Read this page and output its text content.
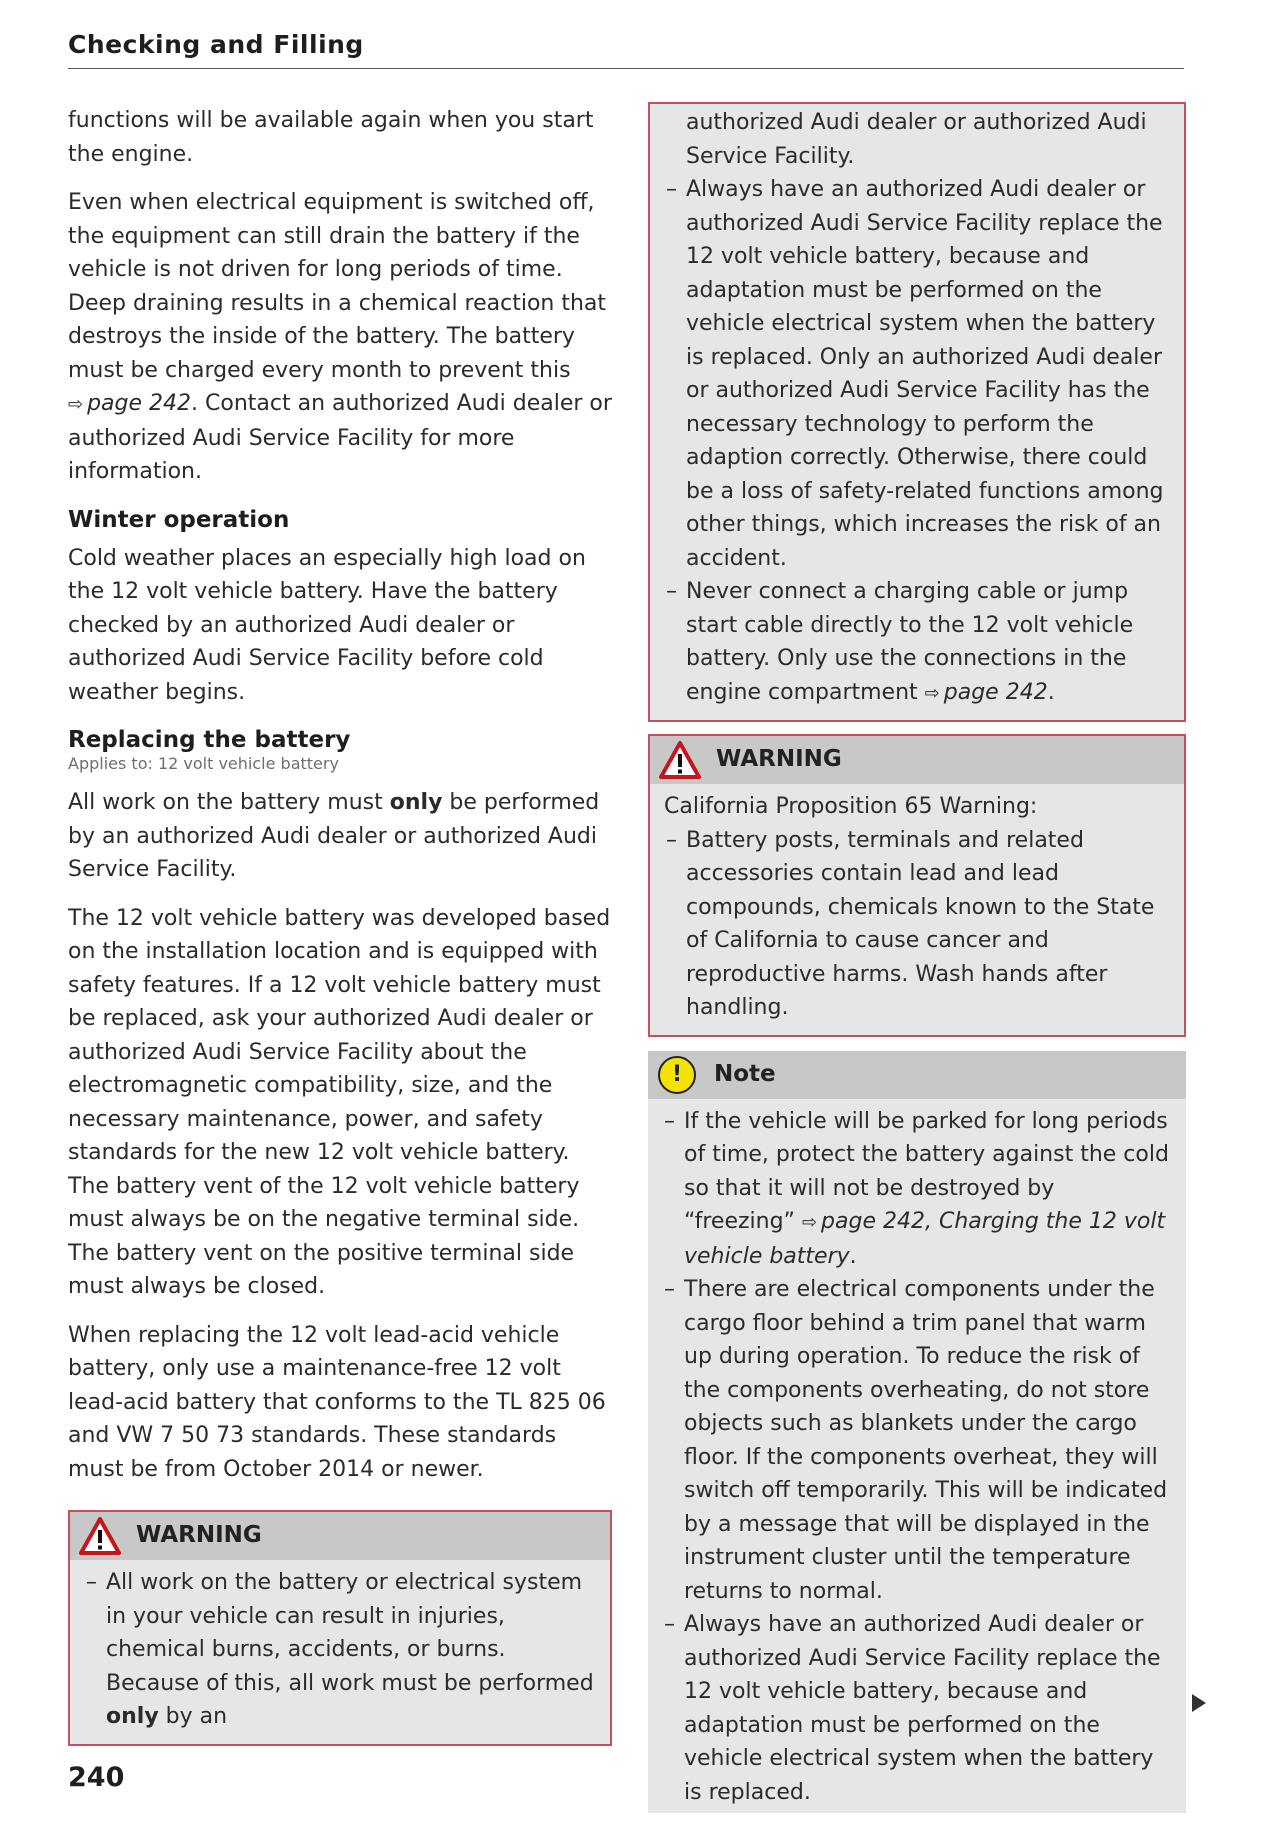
Checking and Filling

functions will be available again when you start the engine.

Even when electrical equipment is switched off, the equipment can still drain the battery if the vehicle is not driven for long periods of time. Deep draining results in a chemical reaction that destroys the inside of the battery. The battery must be charged every month to prevent this ⇨ page 242. Contact an authorized Audi dealer or authorized Audi Service Facility for more information.

Winter operation

Cold weather places an especially high load on the 12 volt vehicle battery. Have the battery checked by an authorized Audi dealer or authorized Audi Service Facility before cold weather begins.

Replacing the battery
Applies to: 12 volt vehicle battery

All work on the battery must only be performed by an authorized Audi dealer or authorized Audi Service Facility.

The 12 volt vehicle battery was developed based on the installation location and is equipped with safety features. If a 12 volt vehicle battery must be replaced, ask your authorized Audi dealer or authorized Audi Service Facility about the electromagnetic compatibility, size, and the necessary maintenance, power, and safety standards for the new 12 volt vehicle battery. The battery vent of the 12 volt vehicle battery must always be on the negative terminal side. The battery vent on the positive terminal side must always be closed.

When replacing the 12 volt lead-acid vehicle battery, only use a maintenance-free 12 volt lead-acid battery that conforms to the TL 825 06 and VW 7 50 73 standards. These standards must be from October 2014 or newer.

WARNING
– All work on the battery or electrical system in your vehicle can result in injuries, chemical burns, accidents, or burns. Because of this, all work must be performed only by an
authorized Audi dealer or authorized Audi Service Facility.
– Always have an authorized Audi dealer or authorized Audi Service Facility replace the 12 volt vehicle battery, because and adaptation must be performed on the vehicle electrical system when the battery is replaced. Only an authorized Audi dealer or authorized Audi Service Facility has the necessary technology to perform the adaption correctly. Otherwise, there could be a loss of safety-related functions among other things, which increases the risk of an accident.
– Never connect a charging cable or jump start cable directly to the 12 volt vehicle battery. Only use the connections in the engine compartment ⇨ page 242.
WARNING
California Proposition 65 Warning:
– Battery posts, terminals and related accessories contain lead and lead compounds, chemicals known to the State of California to cause cancer and reproductive harms. Wash hands after handling.
!	Note
– If the vehicle will be parked for long periods of time, protect the battery against the cold so that it will not be destroyed by “freezing” ⇨ page 242, Charging the 12 volt vehicle battery.
– There are electrical components under the cargo floor behind a trim panel that warm up during operation. To reduce the risk of the components overheating, do not store objects such as blankets under the cargo floor. If the components overheat, they will switch off temporarily. This will be indicated by a message that will be displayed in the instrument cluster until the temperature returns to normal.
– Always have an authorized Audi dealer or authorized Audi Service Facility replace the 12 volt vehicle battery, because and adaptation must be performed on the vehicle electrical system when the battery is replaced.
240
